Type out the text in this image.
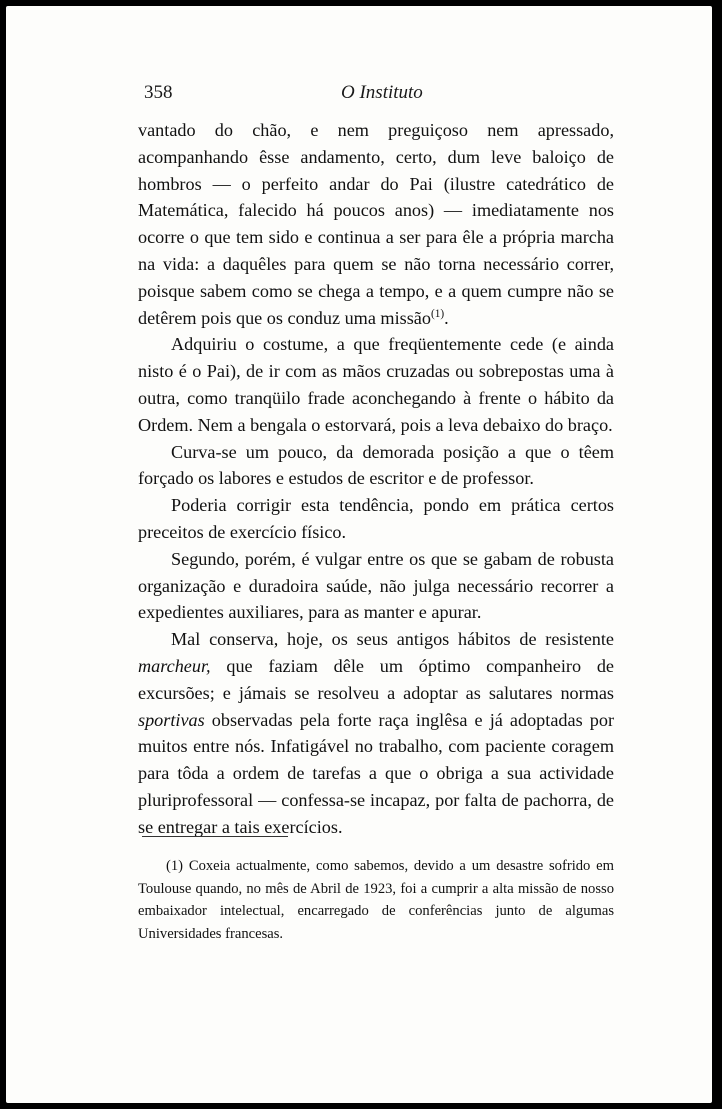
358	O Instituto

vantado do chão, e nem preguiçoso nem apressado, acompanhando êsse andamento, certo, dum leve baloiço de hombros — o perfeito andar do Pai (ilustre catedrático de Matemática, falecido há poucos anos) — imediatamente nos ocorre o que tem sido e continua a ser para êle a própria marcha na vida: a daquêles para quem se não torna necessário correr, poisque sabem como se chega a tempo, e a quem cumpre não se detêrem pois que os conduz uma missão$^{(1)}$.

Adquiriu o costume, a que freqüentemente cede (e ainda nisto é o Pai), de ir com as mãos cruzadas ou sobrepostas uma à outra, como tranqüilo frade aconchegando à frente o hábito da Ordem. Nem a bengala o estorvará, pois a leva debaixo do braço.

Curva-se um pouco, da demorada posição a que o têem forçado os labores e estudos de escritor e de professor.

Poderia corrigir esta tendência, pondo em prática certos preceitos de exercício físico.

Segundo, porém, é vulgar entre os que se gabam de robusta organização e duradoira saúde, não julga necessário recorrer a expedientes auxiliares, para as manter e apurar.

Mal conserva, hoje, os seus antigos hábitos de resistente marcheur, que faziam dêle um óptimo companheiro de excursões; e jámais se resolveu a adoptar as salutares normas sportivas observadas pela forte raça inglêsa e já adoptadas por muitos entre nós. Infatigável no trabalho, com paciente coragem para tôda a ordem de tarefas a que o obriga a sua actividade pluriprofessoral — confessa-se incapaz, por falta de pachorra, de se entregar a tais exercícios.

(1) Coxeia actualmente, como sabemos, devido a um desastre sofrido em Toulouse quando, no mês de Abril de 1923, foi a cumprir a alta missão de nosso embaixador intelectual, encarregado de conferências junto de algumas Universidades francesas.
